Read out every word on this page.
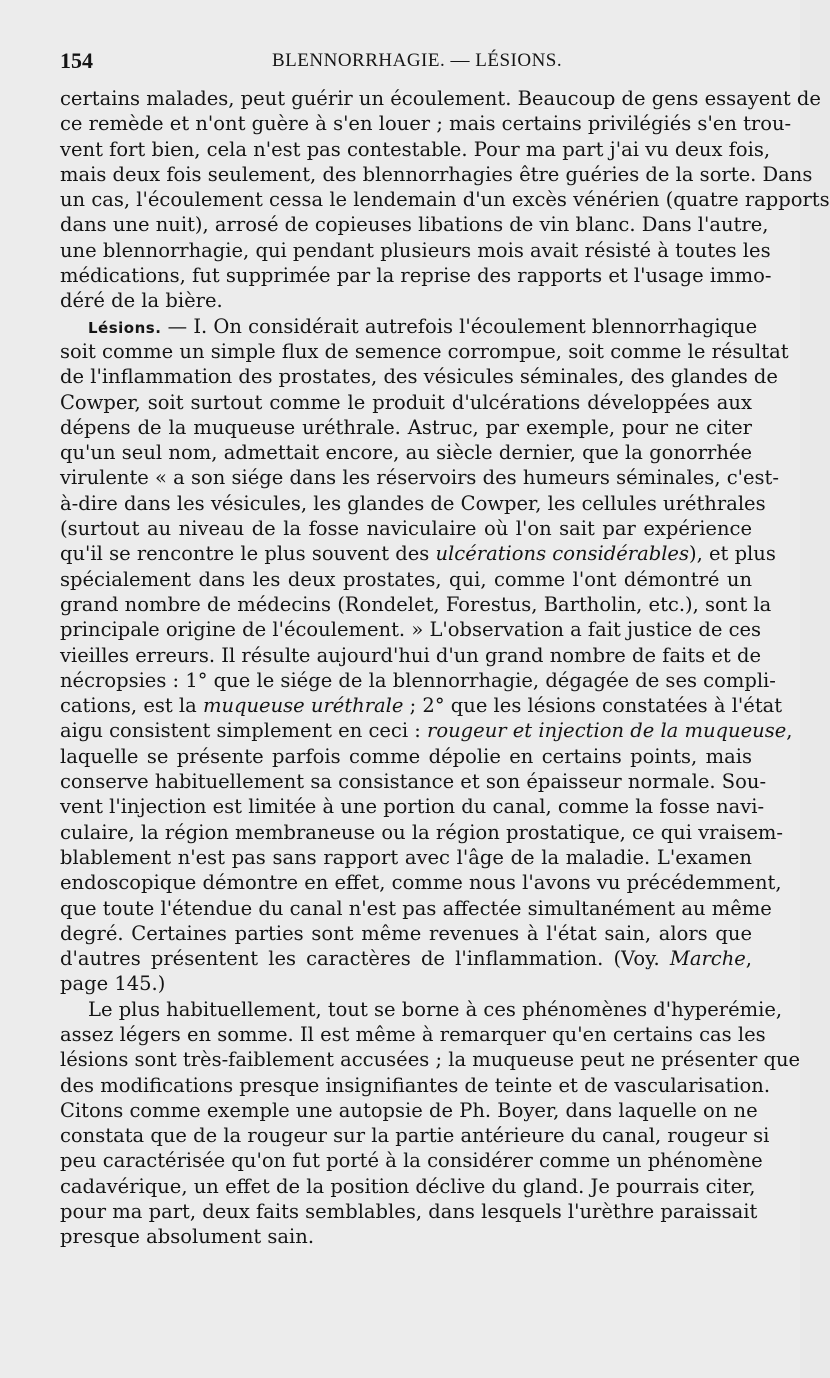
154	BLENNORRHAGIE. — LÉSIONS.
certains malades, peut guérir un écoulement. Beaucoup de gens essayent de
ce remède et n'ont guère à s'en louer ; mais certains privilégiés s'en trou-
vent fort bien, cela n'est pas contestable. Pour ma part j'ai vu deux fois,
mais deux fois seulement, des blennorrhagies être guéries de la sorte. Dans
un cas, l'écoulement cessa le lendemain d'un excès vénérien (quatre rapports
dans une nuit), arrosé de copieuses libations de vin blanc. Dans l'autre,
une blennorrhagie, qui pendant plusieurs mois avait résisté à toutes les
médications, fut supprimée par la reprise des rapports et l'usage immo-
déré de la bière.
Lésions. — I. On considérait autrefois l'écoulement blennorrhagique
soit comme un simple flux de semence corrompue, soit comme le résultat
de l'inflammation des prostates, des vésicules séminales, des glandes de
Cowper, soit surtout comme le produit d'ulcérations développées aux
dépens de la muqueuse uréthrale. Astruc, par exemple, pour ne citer
qu'un seul nom, admettait encore, au siècle dernier, que la gonorrhée
virulente « a son siége dans les réservoirs des humeurs séminales, c'est-
à-dire dans les vésicules, les glandes de Cowper, les cellules uréthrales
(surtout au niveau de la fosse naviculaire où l'on sait par expérience
qu'il se rencontre le plus souvent des ulcérations considérables), et plus
spécialement dans les deux prostates, qui, comme l'ont démontré un
grand nombre de médecins (Rondelet, Forestus, Bartholin, etc.), sont la
principale origine de l'écoulement. » L'observation a fait justice de ces
vieilles erreurs. Il résulte aujourd'hui d'un grand nombre de faits et de
nécropsies : 1° que le siége de la blennorrhagie, dégagée de ses compli-
cations, est la muqueuse uréthrale ; 2° que les lésions constatées à l'état
aigu consistent simplement en ceci : rougeur et injection de la muqueuse,
laquelle se présente parfois comme dépolie en certains points, mais
conserve habituellement sa consistance et son épaisseur normale. Sou-
vent l'injection est limitée à une portion du canal, comme la fosse navi-
culaire, la région membraneuse ou la région prostatique, ce qui vraisem-
blablement n'est pas sans rapport avec l'âge de la maladie. L'examen
endoscopique démontre en effet, comme nous l'avons vu précédemment,
que toute l'étendue du canal n'est pas affectée simultanément au même
degré. Certaines parties sont même revenues à l'état sain, alors que
d'autres présentent les caractères de l'inflammation. (Voy. Marche,
page 145.)
Le plus habituellement, tout se borne à ces phénomènes d'hyperémie,
assez légers en somme. Il est même à remarquer qu'en certains cas les
lésions sont très-faiblement accusées ; la muqueuse peut ne présenter que
des modifications presque insignifiantes de teinte et de vascularisation.
Citons comme exemple une autopsie de Ph. Boyer, dans laquelle on ne
constata que de la rougeur sur la partie antérieure du canal, rougeur si
peu caractérisée qu'on fut porté à la considérer comme un phénomène
cadavérique, un effet de la position déclive du gland. Je pourrais citer,
pour ma part, deux faits semblables, dans lesquels l'urèthre paraissait
presque absolument sain.
